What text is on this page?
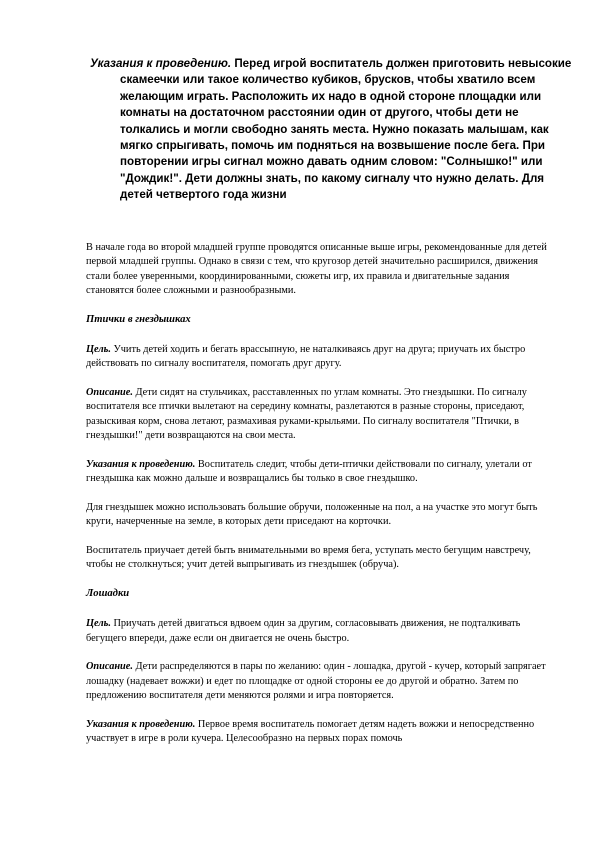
Указания к проведению. Перед игрой воспитатель должен приготовить невысокие скамеечки или такое количество кубиков, брусков, чтобы хватило всем желающим играть. Расположить их надо в одной стороне площадки или комнаты на достаточном расстоянии один от другого, чтобы дети не толкались и могли свободно занять места. Нужно показать малышам, как мягко спрыгивать, помочь им подняться на возвышение после бега. При повторении игры сигнал можно давать одним словом: "Солнышко!" или "Дождик!". Дети должны знать, по какому сигналу что нужно делать. Для детей четвертого года жизни

В начале года во второй младшей группе проводятся описанные выше игры, рекомендованные для детей первой младшей группы. Однако в связи с тем, что кругозор детей значительно расширился, движения стали более уверенными, координированными, сюжеты игр, их правила и двигательные задания становятся более сложными и разнообразными.

Птички в гнездышках

Цель. Учить детей ходить и бегать врассыпную, не наталкиваясь друг на друга; приучать их быстро действовать по сигналу воспитателя, помогать друг другу.

Описание. Дети сидят на стульчиках, расставленных по углам комнаты. Это гнездышки. По сигналу воспитателя все птички вылетают на середину комнаты, разлетаются в разные стороны, приседают, разыскивая корм, снова летают, размахивая руками-крыльями. По сигналу воспитателя "Птички, в гнездышки!" дети возвращаются на свои места.

Указания к проведению. Воспитатель следит, чтобы дети-птички действовали по сигналу, улетали от гнездышка как можно дальше и возвращались бы только в свое гнездышко.

Для гнездышек можно использовать большие обручи, положенные на пол, а на участке это могут быть круги, начерченные на земле, в которых дети приседают на корточки.

Воспитатель приучает детей быть внимательными во время бега, уступать место бегущим навстречу, чтобы не столкнуться; учит детей выпрыгивать из гнездышек (обруча).

Лошадки

Цель. Приучать детей двигаться вдвоем один за другим, согласовывать движения, не подталкивать бегущего впереди, даже если он двигается не очень быстро.

Описание. Дети распределяются в пары по желанию: один - лошадка, другой - кучер, который запрягает лошадку (надевает вожжи) и едет по площадке от одной стороны ее до другой и обратно. Затем по предложению воспитателя дети меняются ролями и игра повторяется.

Указания к проведению. Первое время воспитатель помогает детям надеть вожжи и непосредственно участвует в игре в роли кучера. Целесообразно на первых порах помочь
